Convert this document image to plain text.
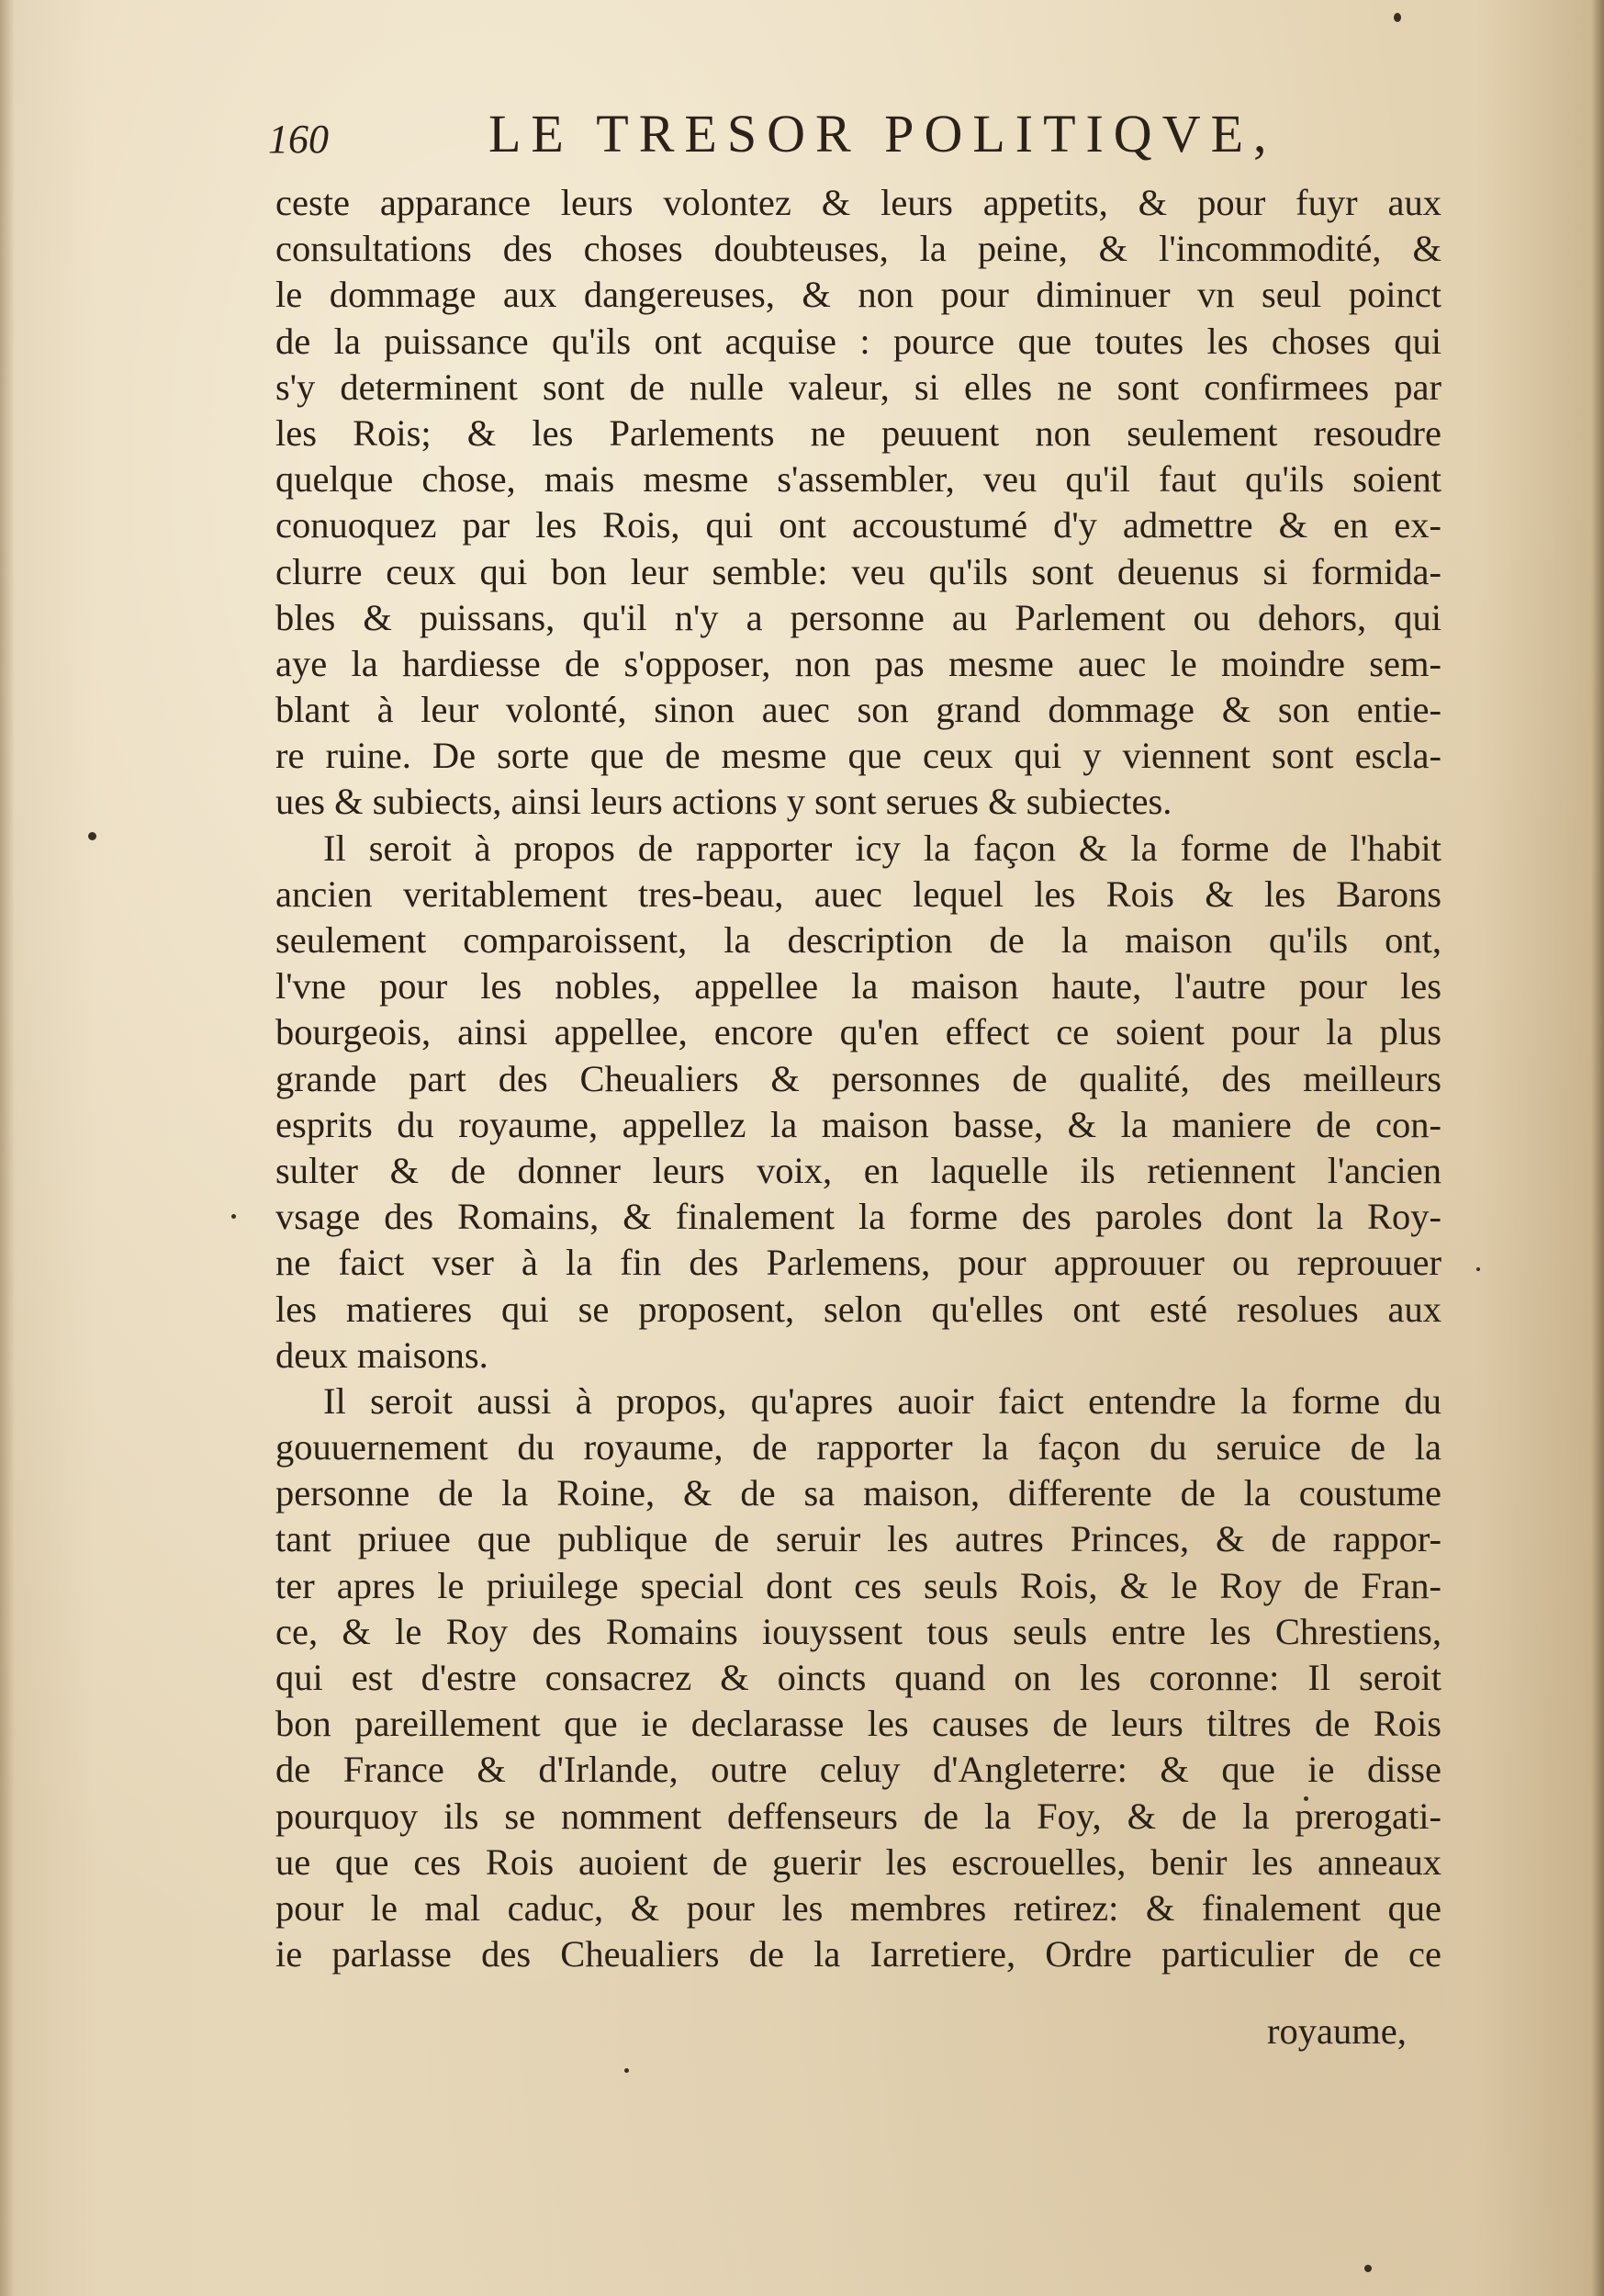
160	LE TRESOR POLITIQVE,
ceste apparance leurs volontez & leurs appetits, & pour fuyr aux
consultations des choses doubteuses, la peine, & l'incommodité, &
le dommage aux dangereuses, & non pour diminuer vn seul poinct
de la puissance qu'ils ont acquise : pource que toutes les choses qui
s'y determinent sont de nulle valeur, si elles ne sont confirmees par
les Rois; & les Parlements ne peuuent non seulement resoudre
quelque chose, mais mesme s'assembler, veu qu'il faut qu'ils soient
conuoquez par les Rois, qui ont accoustumé d'y admettre & en ex-
clurre ceux qui bon leur semble: veu qu'ils sont deuenus si formida-
bles & puissans, qu'il n'y a personne au Parlement ou dehors, qui
aye la hardiesse de s'opposer, non pas mesme auec le moindre sem-
blant à leur volonté, sinon auec son grand dommage & son entie-
re ruine. De sorte que de mesme que ceux qui y viennent sont escla-
ues & subiects, ainsi leurs actions y sont serues & subiectes.
Il seroit à propos de rapporter icy la façon & la forme de l'habit
ancien veritablement tres-beau, auec lequel les Rois & les Barons
seulement comparoissent, la description de la maison qu'ils ont,
l'vne pour les nobles, appellee la maison haute, l'autre pour les
bourgeois, ainsi appellee, encore qu'en effect ce soient pour la plus
grande part des Cheualiers & personnes de qualité, des meilleurs
esprits du royaume, appellez la maison basse, & la maniere de con-
sulter & de donner leurs voix, en laquelle ils retiennent l'ancien
vsage des Romains, & finalement la forme des paroles dont la Roy-
ne faict vser à la fin des Parlemens, pour approuuer ou reprouuer
les matieres qui se proposent, selon qu'elles ont esté resolues aux
deux maisons.
Il seroit aussi à propos, qu'apres auoir faict entendre la forme du
gouuernement du royaume, de rapporter la façon du seruice de la
personne de la Roine, & de sa maison, differente de la coustume
tant priuee que publique de seruir les autres Princes, & de rappor-
ter apres le priuilege special dont ces seuls Rois, & le Roy de Fran-
ce, & le Roy des Romains iouyssent tous seuls entre les Chrestiens,
qui est d'estre consacrez & oincts quand on les coronne: Il seroit
bon pareillement que ie declarasse les causes de leurs tiltres de Rois
de France & d'Irlande, outre celuy d'Angleterre: & que ie disse
pourquoy ils se nomment deffenseurs de la Foy, & de la prerogati-
ue que ces Rois auoient de guerir les escrouelles, benir les anneaux
pour le mal caduc, & pour les membres retirez: & finalement que
ie parlasse des Cheualiers de la Iarretiere, Ordre particulier de ce
royaume,
